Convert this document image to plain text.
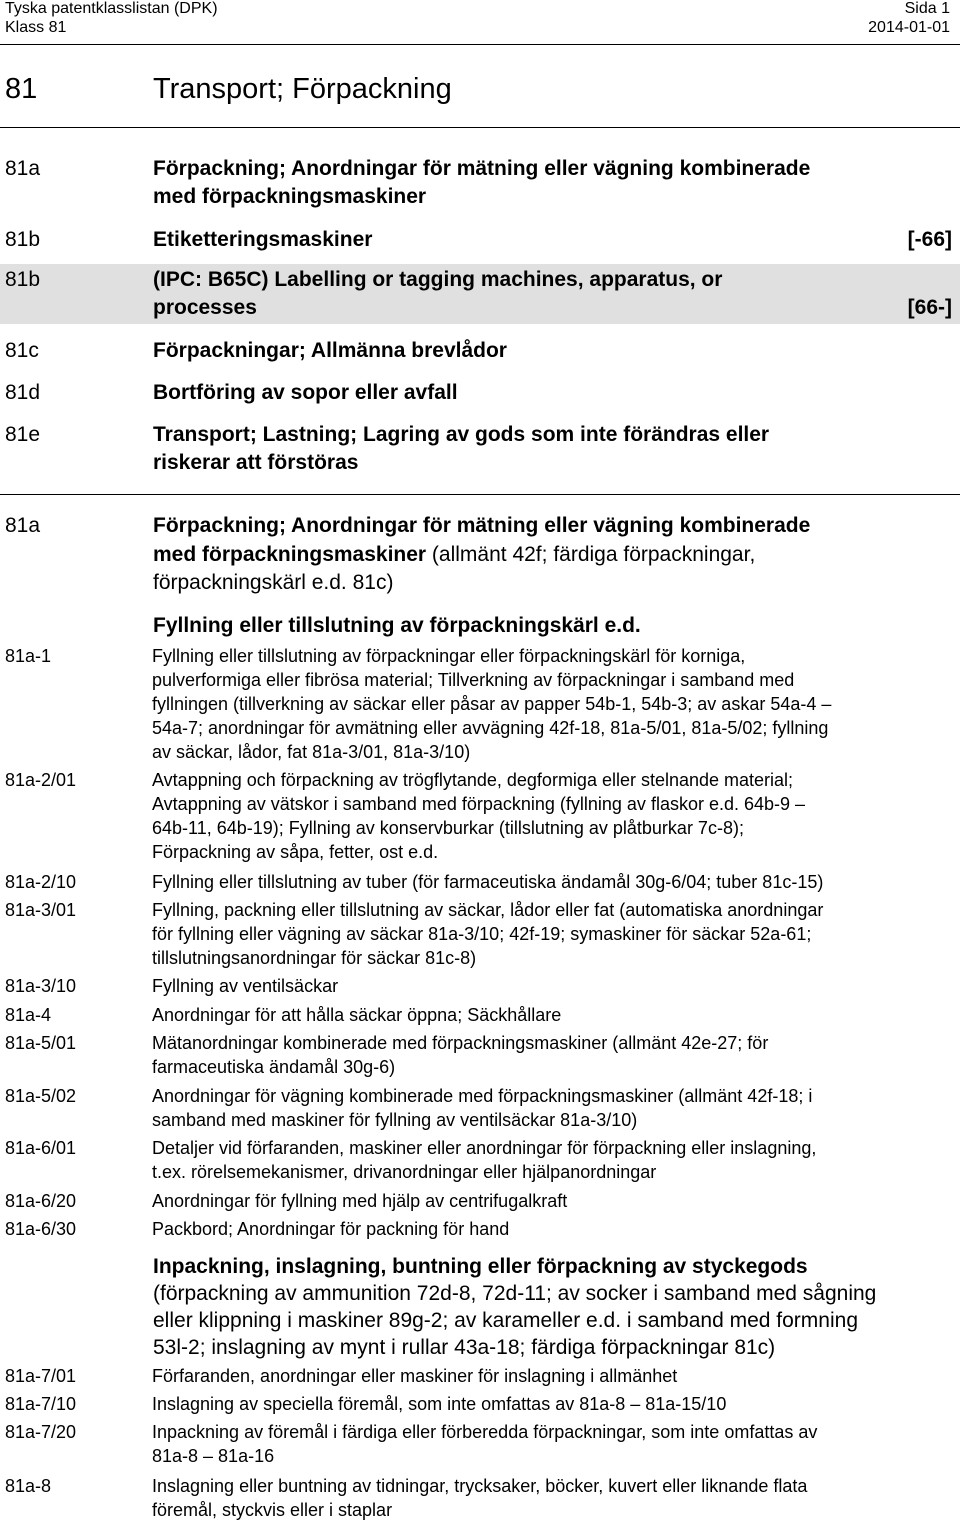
Tyska patentklasslistan (DPK)
Klass 81
Sida 1
2014-01-01
81	Transport; Förpackning
81a	Förpackning; Anordningar för mätning eller vägning kombinerade
med förpackningsmaskiner
81b	Etiketteringsmaskiner	[-66]
81b	(IPC: B65C) Labelling or tagging machines, apparatus, or
processes	[66-]
81c	Förpackningar; Allmänna brevlådor
81d	Bortföring av sopor eller avfall
81e	Transport; Lastning; Lagring av gods som inte förändras eller
riskerar att förstöras
81a	Förpackning; Anordningar för mätning eller vägning kombinerade
med förpackningsmaskiner (allmänt 42f; färdiga förpackningar,
förpackningskärl e.d. 81c)
Fyllning eller tillslutning av förpackningskärl e.d.
81a-1	Fyllning eller tillslutning av förpackningar eller förpackningskärl för korniga,
pulverformiga eller fibrösa material; Tillverkning av förpackningar i samband med
fyllningen (tillverkning av säckar eller påsar av papper 54b-1, 54b-3; av askar 54a-4 –
54a-7; anordningar för avmätning eller avvägning 42f-18, 81a-5/01, 81a-5/02; fyllning
av säckar, lådor, fat 81a-3/01, 81a-3/10)
81a-2/01	Avtappning och förpackning av trögflytande, degformiga eller stelnande material;
Avtappning av vätskor i samband med förpackning (fyllning av flaskor e.d. 64b-9 –
64b-11, 64b-19); Fyllning av konservburkar (tillslutning av plåtburkar 7c-8);
Förpackning av såpa, fetter, ost e.d.
81a-2/10	Fyllning eller tillslutning av tuber (för farmaceutiska ändamål 30g-6/04; tuber 81c-15)
81a-3/01	Fyllning, packning eller tillslutning av säckar, lådor eller fat (automatiska anordningar
för fyllning eller vägning av säckar 81a-3/10; 42f-19; symaskiner för säckar 52a-61;
tillslutningsanordningar för säckar 81c-8)
81a-3/10	Fyllning av ventilsäckar
81a-4	Anordningar för att hålla säckar öppna; Säckhållare
81a-5/01	Mätanordningar kombinerade med förpackningsmaskiner (allmänt 42e-27; för
farmaceutiska ändamål 30g-6)
81a-5/02	Anordningar för vägning kombinerade med förpackningsmaskiner (allmänt 42f-18; i
samband med maskiner för fyllning av ventilsäckar 81a-3/10)
81a-6/01	Detaljer vid förfaranden, maskiner eller anordningar för förpackning eller inslagning,
t.ex. rörelsemekanismer, drivanordningar eller hjälpanordningar
81a-6/20	Anordningar för fyllning med hjälp av centrifugalkraft
81a-6/30	Packbord; Anordningar för packning för hand
Inpackning, inslagning, buntning eller förpackning av styckegods
(förpackning av ammunition 72d-8, 72d-11; av socker i samband med sågning
eller klippning i maskiner 89g-2; av karameller e.d. i samband med formning
53l-2; inslagning av mynt i rullar 43a-18; färdiga förpackningar 81c)
81a-7/01	Förfaranden, anordningar eller maskiner för inslagning i allmänhet
81a-7/10	Inslagning av speciella föremål, som inte omfattas av 81a-8 – 81a-15/10
81a-7/20	Inpackning av föremål i färdiga eller förberedda förpackningar, som inte omfattas av
81a-8 – 81a-16
81a-8	Inslagning eller buntning av tidningar, trycksaker, böcker, kuvert eller liknande flata
föremål, styckvis eller i staplar
